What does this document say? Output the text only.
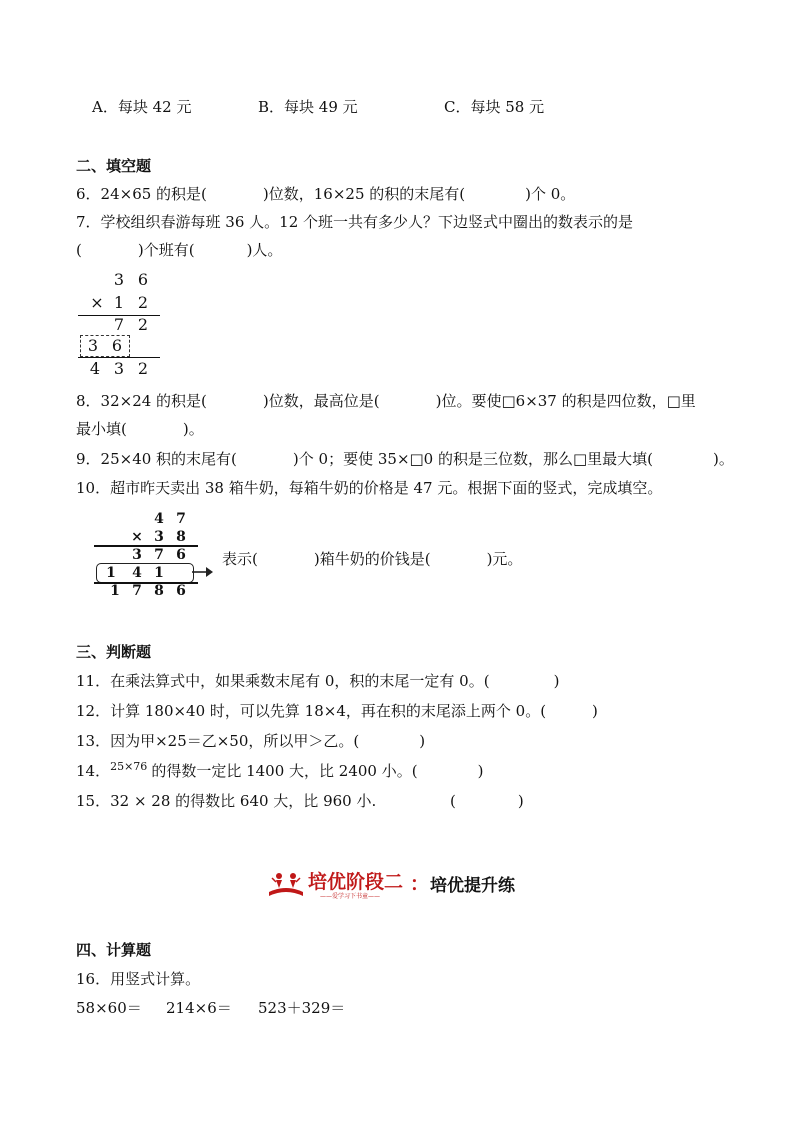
A．每块 42 元	B．每块 49 元	C．每块 58 元
二、填空题
6．24×65 的积是(	)位数，16×25 的积的末尾有(	)个 0。
7．学校组织春游每班 36 人。12 个班一共有多少人？下边竖式中圈出的数表示的是
(	)个班有(	)人。
3 6
× 1 2
7 2
3 6
4 3 2
8．32×24 的积是(	)位数，最高位是(	)位。要使□6×37 的积是四位数，□里
最小填(	)。
9．25×40 积的末尾有(	)个 0；要使 35×□0 的积是三位数，那么□里最大填(	)。
10．超市昨天卖出 38 箱牛奶，每箱牛奶的价格是 47 元。根据下面的竖式，完成填空。
4 7
× 3 8
3 7 6
1	4 1
1 7 8 6
表示(	)箱牛奶的价钱是(	)元。
三、判断题
11．在乘法算式中，如果乘数末尾有 0，积的末尾一定有 0。(	)
12．计算 180×40 时，可以先算 18×4，再在积的末尾添上两个 0。(	)
13．因为甲×25＝乙×50，所以甲＞乙。(	)
14．$^{25\times 76}$ 的得数一定比 1400 大，比 2400 小。(	)
15．32 × 28 的得数比 640 大，比 960 小.	(	)
培优阶段二 ：
——爱学习下书童——
培优提升练
四、计算题
16．用竖式计算。
58×60＝ 214×6＝ 523＋329＝
